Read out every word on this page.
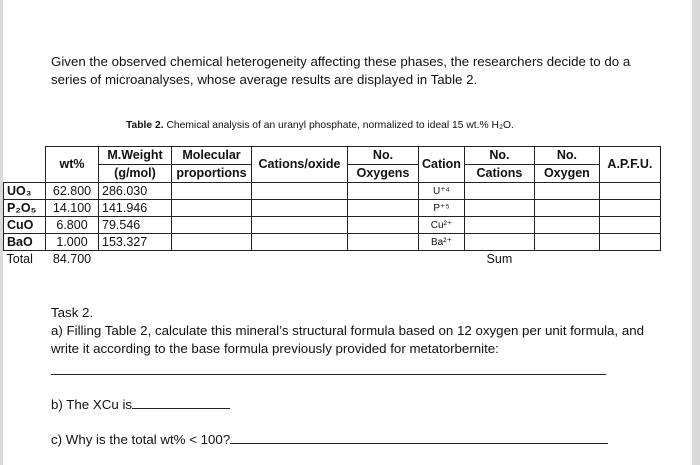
Given the observed chemical heterogeneity affecting these phases, the researchers decide to do a series of microanalyses, whose average results are displayed in Table 2.
Table 2. Chemical analysis of an uranyl phosphate, normalized to ideal 15 wt.% H₂O.
	wt%	M.Weight	Molecular	Cations/oxide	No.	Cation	No.	No.	A.P.F.U.
		(g/mol)	proportions		Oxygens		Cations	Oxygen	
UO₃	62.800	286.030				U⁺⁴			
P₂O₅	14.100	141.946				P⁺⁵			
CuO	6.800	79.546				Cu²⁺			
BaO	1.000	153.327				Ba²⁺			
Total	84.700						Sum		
Task 2.
a) Filling Table 2, calculate this mineral’s structural formula based on 12 oxygen per unit formula, and write it according to the base formula previously provided for metatorbernite:
b) The XCu is
c) Why is the total wt% < 100?
